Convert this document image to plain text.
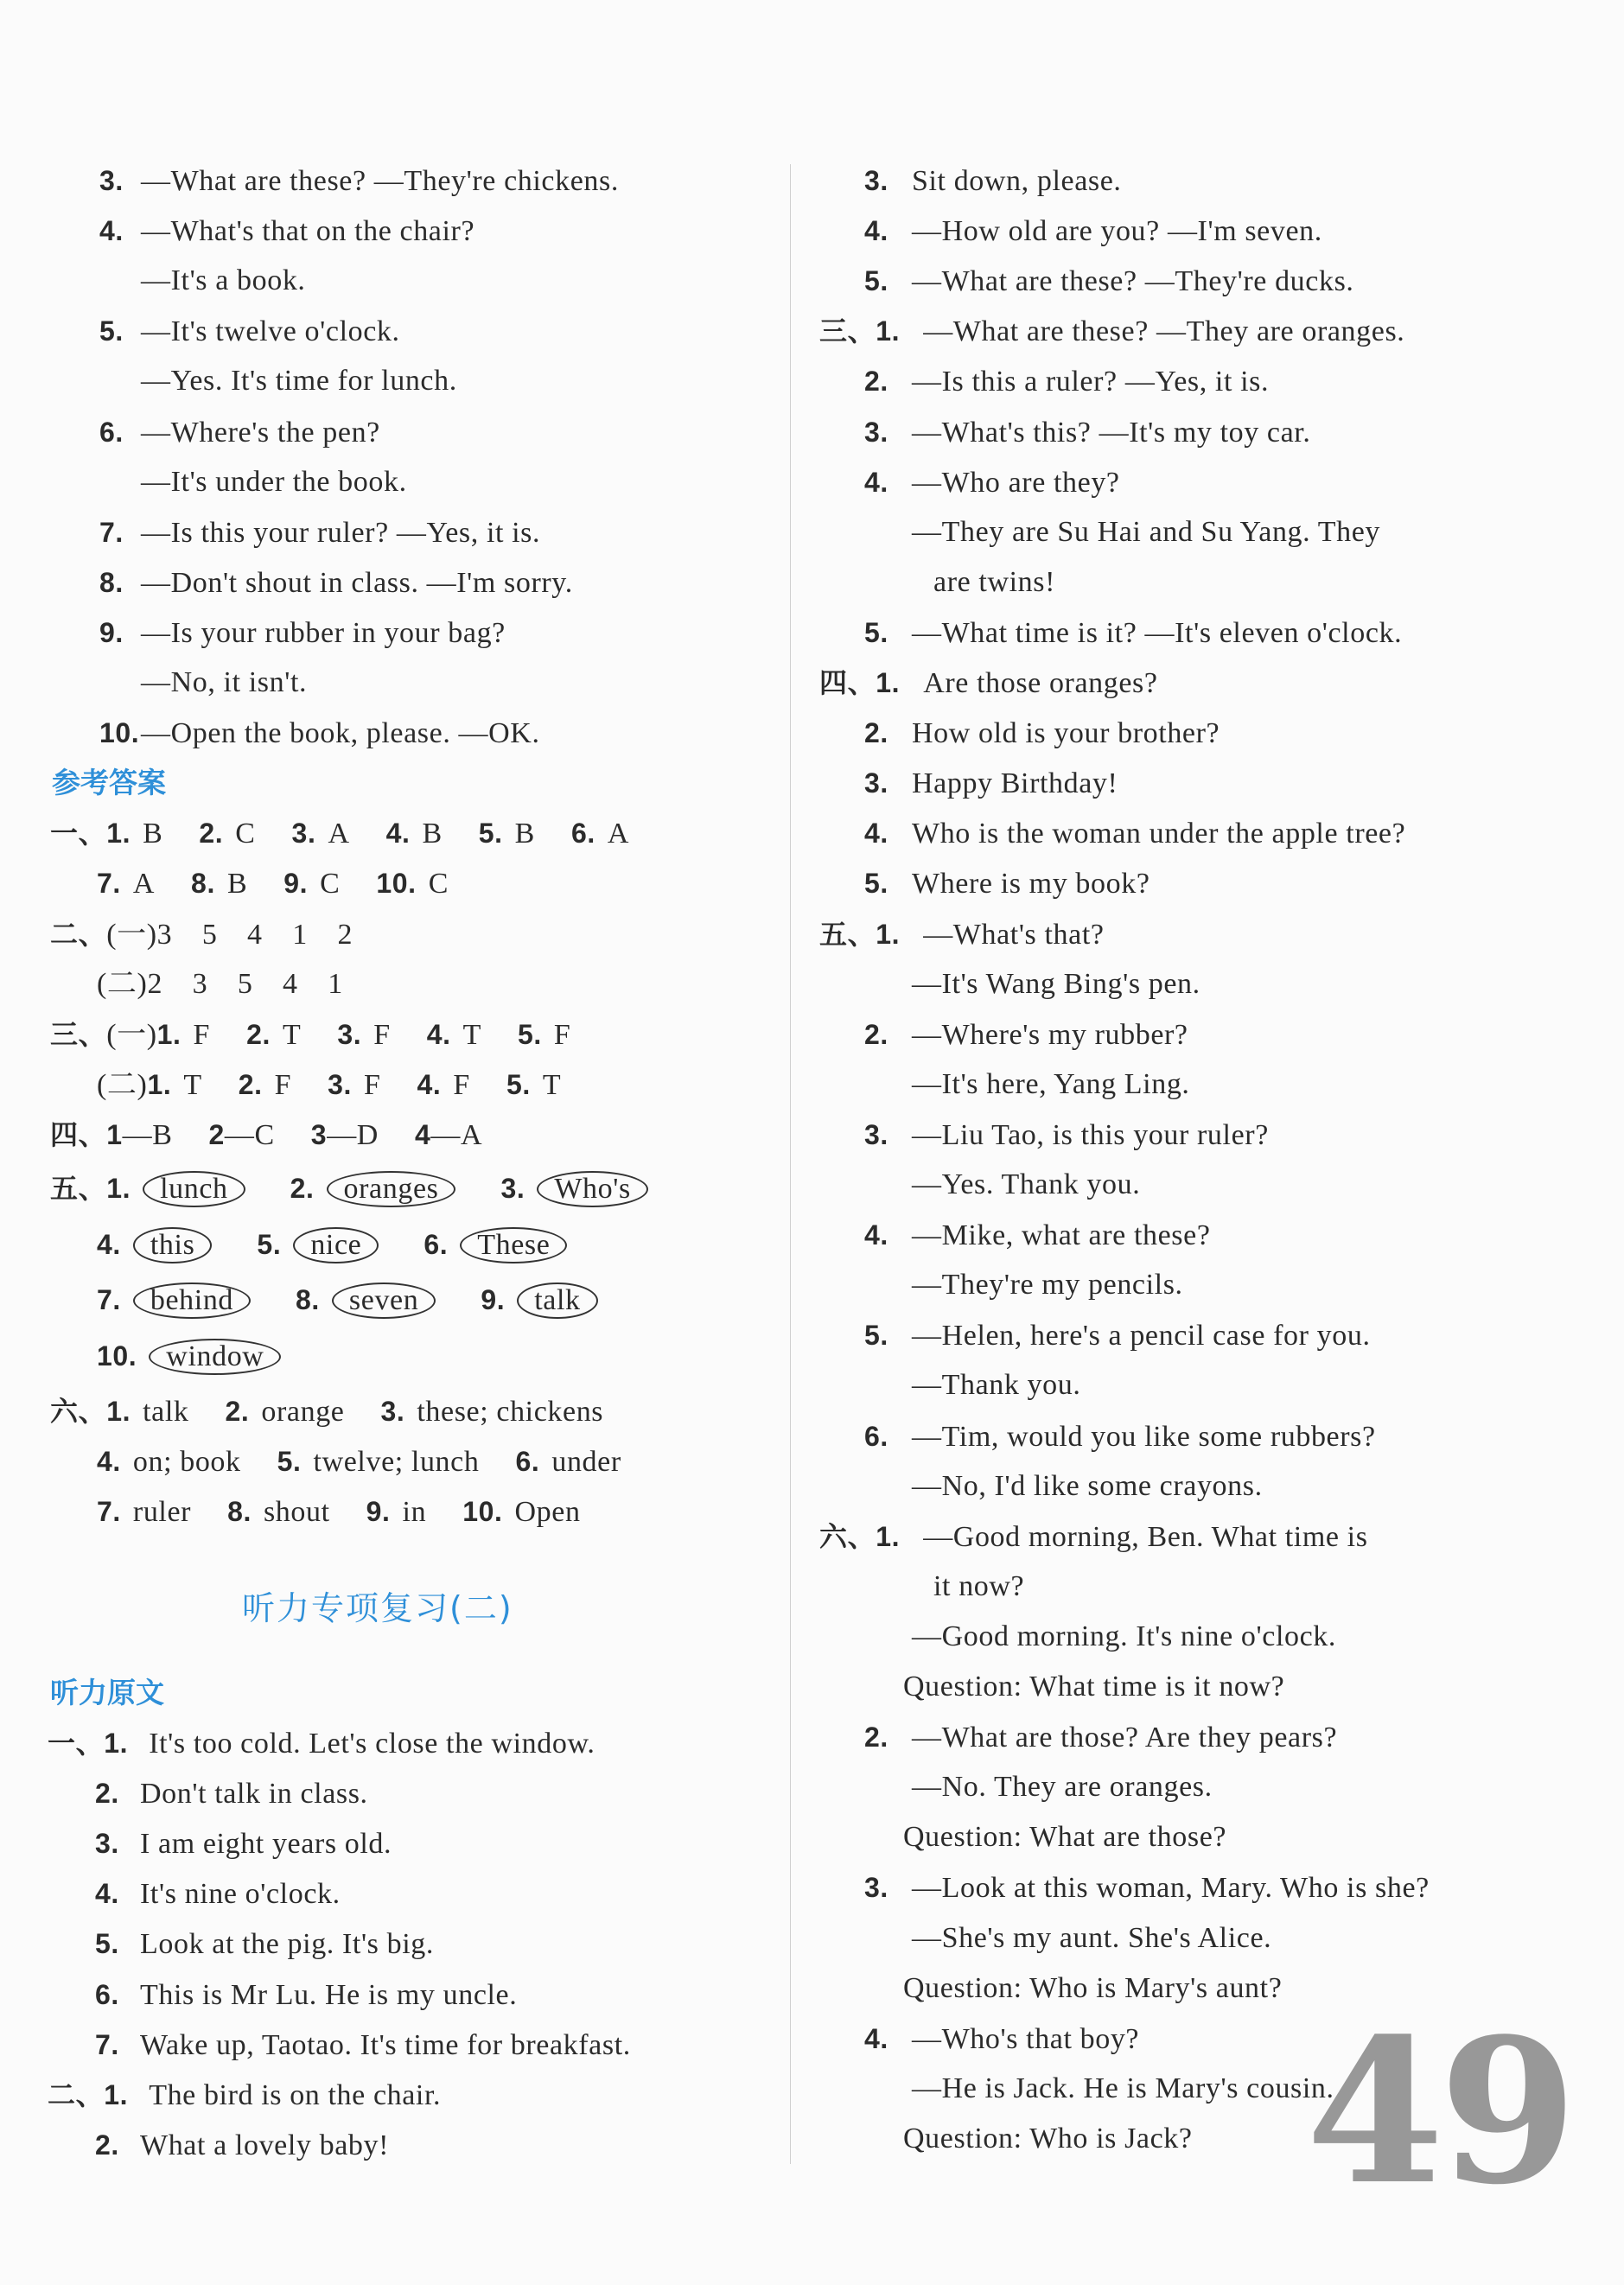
3. —What are these? —They're chickens.
4. —What's that on the chair?
—It's a book.
5. —It's twelve o'clock.
—Yes. It's time for lunch.
6. —Where's the pen?
—It's under the book.
7. —Is this your ruler? —Yes, it is.
8. —Don't shout in class. —I'm sorry.
9. —Is your rubber in your bag?
—No, it isn't.
10.—Open the book, please. —OK.
参考答案
一、1. B 2. C 3. A 4. B 5. B 6. A
7. A 8. B 9. C 10. C
二、(一)3　5　4　1　2
(二)2　3　5　4　1
三、(一)1. F 2. T 3. F 4. T 5. F
(二)1. T 2. F 3. F 4. F 5. T
四、1—B 2—C 3—D 4—A
五、1. lunch 2. oranges 3. Who's
4. this 5. nice 6. These
7. behind 8. seven 9. talk
10. window
六、1. talk 2. orange 3. these; chickens
4. on; book 5. twelve; lunch 6. under
7. ruler 8. shout 9. in 10. Open
听力专项复习(二)
听力原文
一、1. It's too cold. Let's close the window.
2. Don't talk in class.
3. I am eight years old.
4. It's nine o'clock.
5. Look at the pig. It's big.
6. This is Mr Lu. He is my uncle.
7. Wake up, Taotao. It's time for breakfast.
二、1. The bird is on the chair.
2. What a lovely baby!
3. Sit down, please.
4. —How old are you? —I'm seven.
5. —What are these? —They're ducks.
三、1. —What are these? —They are oranges.
2. —Is this a ruler? —Yes, it is.
3. —What's this? —It's my toy car.
4. —Who are they?
—They are Su Hai and Su Yang. They
are twins!
5. —What time is it? —It's eleven o'clock.
四、1. Are those oranges?
2. How old is your brother?
3. Happy Birthday!
4. Who is the woman under the apple tree?
5. Where is my book?
五、1. —What's that?
—It's Wang Bing's pen.
2. —Where's my rubber?
—It's here, Yang Ling.
3. —Liu Tao, is this your ruler?
—Yes. Thank you.
4. —Mike, what are these?
—They're my pencils.
5. —Helen, here's a pencil case for you.
—Thank you.
6. —Tim, would you like some rubbers?
—No, I'd like some crayons.
六、1. —Good morning, Ben. What time is
it now?
—Good morning. It's nine o'clock.
Question: What time is it now?
2. —What are those? Are they pears?
—No. They are oranges.
Question: What are those?
3. —Look at this woman, Mary. Who is she?
—She's my aunt. She's Alice.
Question: Who is Mary's aunt?
4. —Who's that boy?
—He is Jack. He is Mary's cousin.
Question: Who is Jack? 49
